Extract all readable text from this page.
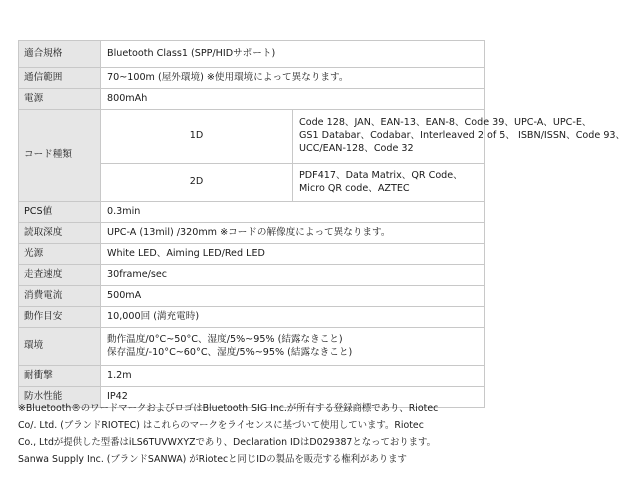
適合規格	Bluetooth Class1 (SPP/HIDサポート)	
通信範囲	70~100m (屋外環境) ※使用環境によって異なります。	
電源	800mAh	
コード種類	1D	Code 128、JAN、EAN-13、EAN-8、Code 39、UPC-A、UPC-E、
GS1 Databar、Codabar、Interleaved 2 of 5、 ISBN/ISSN、Code 93、
UCC/EAN-128、Code 32

	2D	PDF417、Data Matrix、QR Code、
Micro QR code、AZTEC

PCS値	0.3min	
読取深度	UPC-A (13mil) /320mm ※コードの解像度によって異なります。	
光源	White LED、Aiming LED/Red LED	
走査速度	30frame/sec	
消費電流	500mA	
動作目安	10,000回 (満充電時)	
環境	動作温度/0°C~50°C、湿度/5%~95% (結露なきこと)
保存温度/-10°C~60°C、湿度/5%~95% (結露なきこと)	

耐衝撃	1.2m	
防水性能	IP42	
※Bluetooth®のワードマークおよびロゴはBluetooth SIG Inc.が所有する登録商標であり、Riotec
Co/. Ltd. (ブランドRIOTEC) はこれらのマークをライセンスに基づいて使用しています。Riotec
Co., Ltdが提供した型番はiLS6TUVWXYZであり、Declaration IDはD029387となっております。
Sanwa Supply Inc. (ブランドSANWA) がRiotecと同じIDの製品を販売する権利があります
